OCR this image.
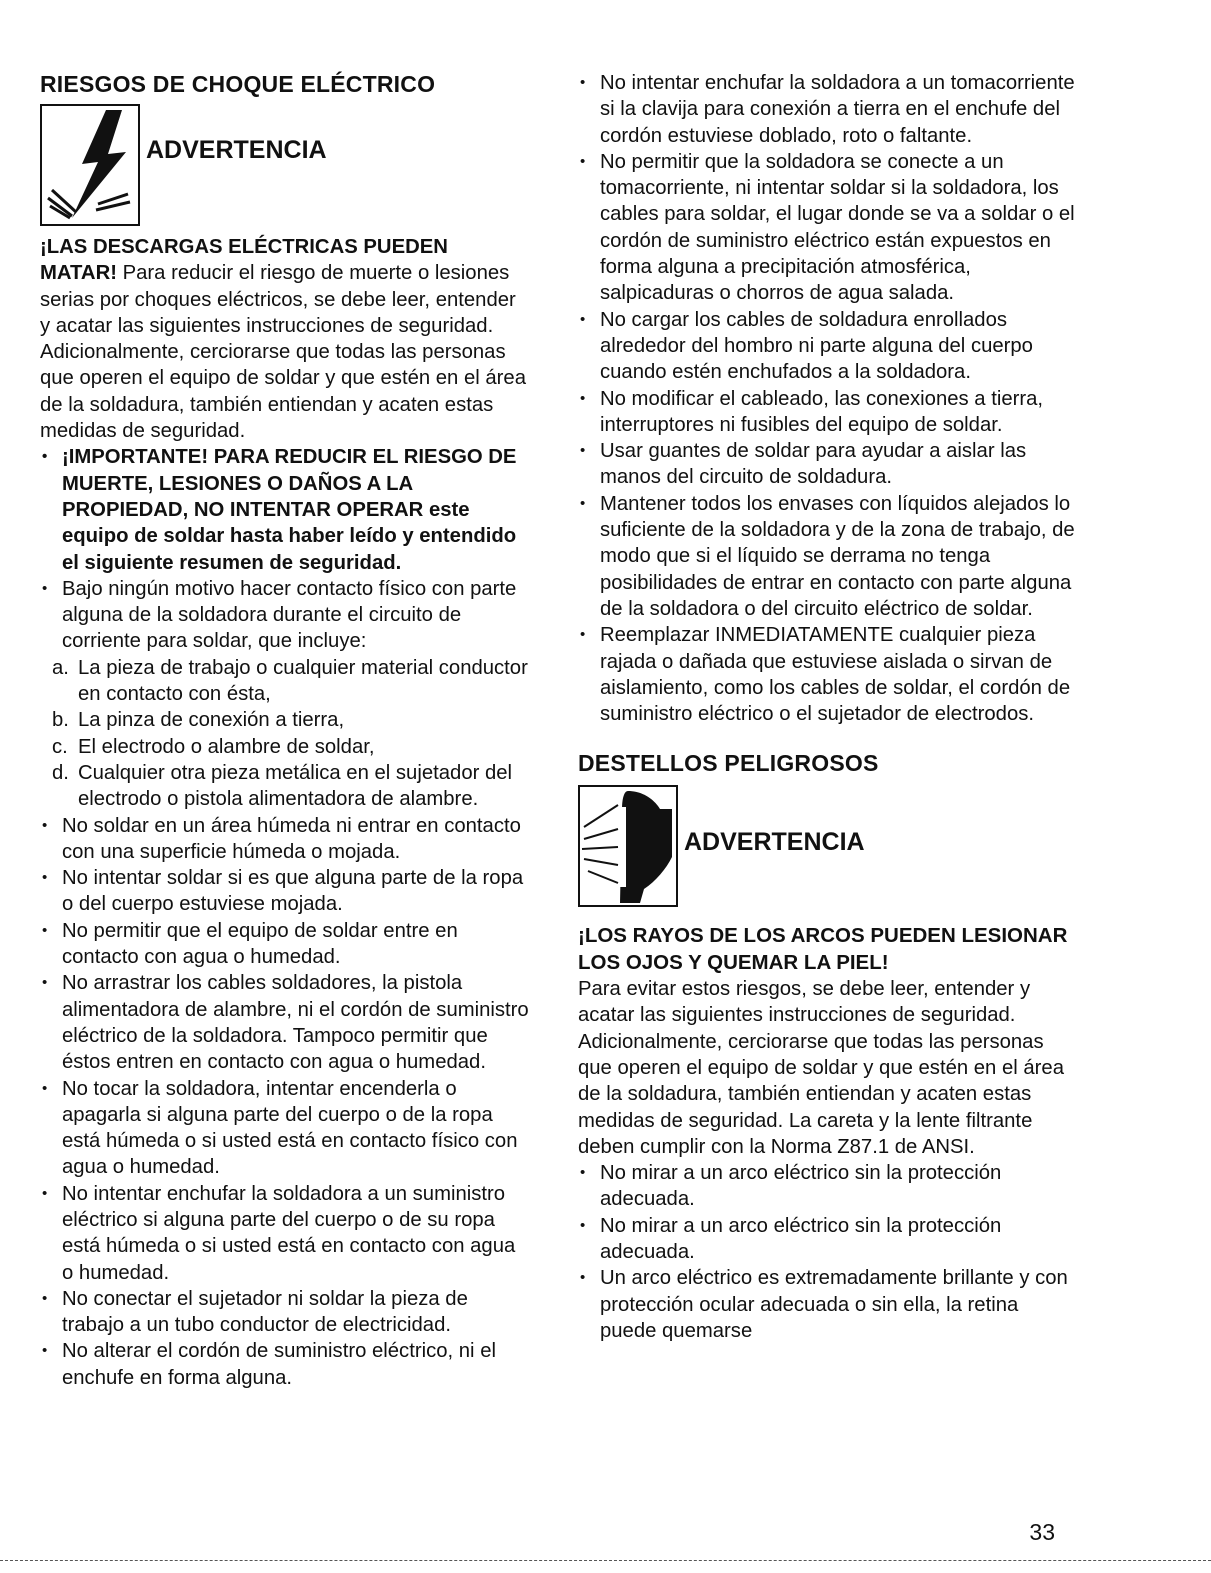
RIESGOS DE CHOQUE ELÉCTRICO
ADVERTENCIA

¡LAS DESCARGAS ELÉCTRICAS PUEDEN MATAR! Para reducir el riesgo de muerte o lesiones serias por choques eléctricos, se debe leer, entender y acatar las siguientes instrucciones de seguridad. Adicionalmente, cerciorarse que todas las personas que operen el equipo de soldar y que estén en el área de la soldadura, también entiendan y acaten estas medidas de seguridad.

• ¡IMPORTANTE! PARA REDUCIR EL RIESGO DE MUERTE, LESIONES O DAÑOS A LA PROPIEDAD, NO INTENTAR OPERAR este equipo de soldar hasta haber leído y entendido el siguiente resumen de seguridad.
• Bajo ningún motivo hacer contacto físico con parte alguna de la soldadora durante el circuito de corriente para soldar, que incluye:
a. La pieza de trabajo o cualquier material conductor en contacto con ésta,
b. La pinza de conexión a tierra,
c. El electrodo o alambre de soldar,
d. Cualquier otra pieza metálica en el sujetador del electrodo o pistola alimentadora de alambre.
• No soldar en un área húmeda ni entrar en contacto con una superficie húmeda o mojada.
• No intentar soldar si es que alguna parte de la ropa o del cuerpo estuviese mojada.
• No permitir que el equipo de soldar entre en contacto con agua o humedad.
• No arrastrar los cables soldadores, la pistola alimentadora de alambre, ni el cordón de suministro eléctrico de la soldadora. Tampoco permitir que éstos entren en contacto con agua o humedad.
• No tocar la soldadora, intentar encenderla o apagarla si alguna parte del cuerpo o de la ropa está húmeda o si usted está en contacto físico con agua o humedad.
• No intentar enchufar la soldadora a un suministro eléctrico si alguna parte del cuerpo o de su ropa está húmeda o si usted está en contacto con agua o humedad.
• No conectar el sujetador ni soldar la pieza de trabajo a un tubo conductor de electricidad.
• No alterar el cordón de suministro eléctrico, ni el enchufe en forma alguna.
• No intentar enchufar la soldadora a un tomacorriente si la clavija para conexión a tierra en el enchufe del cordón estuviese doblado, roto o faltante.
• No permitir que la soldadora se conecte a un tomacorriente, ni intentar soldar si la soldadora, los cables para soldar, el lugar donde se va a soldar o el cordón de suministro eléctrico están expuestos en forma alguna a precipitación atmosférica, salpicaduras o chorros de agua salada.
• No cargar los cables de soldadura enrollados alrededor del hombro ni parte alguna del cuerpo cuando estén enchufados a la soldadora.
• No modificar el cableado, las conexiones a tierra, interruptores ni fusibles del equipo de soldar.
• Usar guantes de soldar para ayudar a aislar las manos del circuito de soldadura.
• Mantener todos los envases con líquidos alejados lo suficiente de la soldadora y de la zona de trabajo, de modo que si el líquido se derrama no tenga posibilidades de entrar en contacto con parte alguna de la soldadora o del circuito eléctrico de soldar.
• Reemplazar INMEDIATAMENTE cualquier pieza rajada o dañada que estuviese aislada o sirvan de aislamiento, como los cables de soldar, el cordón de suministro eléctrico o el sujetador de electrodos.
DESTELLOS PELIGROSOS
ADVERTENCIA

¡LOS RAYOS DE LOS ARCOS PUEDEN LESIONAR LOS OJOS Y QUEMAR LA PIEL!

Para evitar estos riesgos, se debe leer, entender y acatar las siguientes instrucciones de seguridad. Adicionalmente, cerciorarse que todas las personas que operen el equipo de soldar y que estén en el área de la soldadura, también entiendan y acaten estas medidas de seguridad. La careta y la lente filtrante deben cumplir con la Norma Z87.1 de ANSI.

• No mirar a un arco eléctrico sin la protección adecuada.
• No mirar a un arco eléctrico sin la protección adecuada.
• Un arco eléctrico es extremadamente brillante y con protección ocular adecuada o sin ella, la retina puede quemarse
33
